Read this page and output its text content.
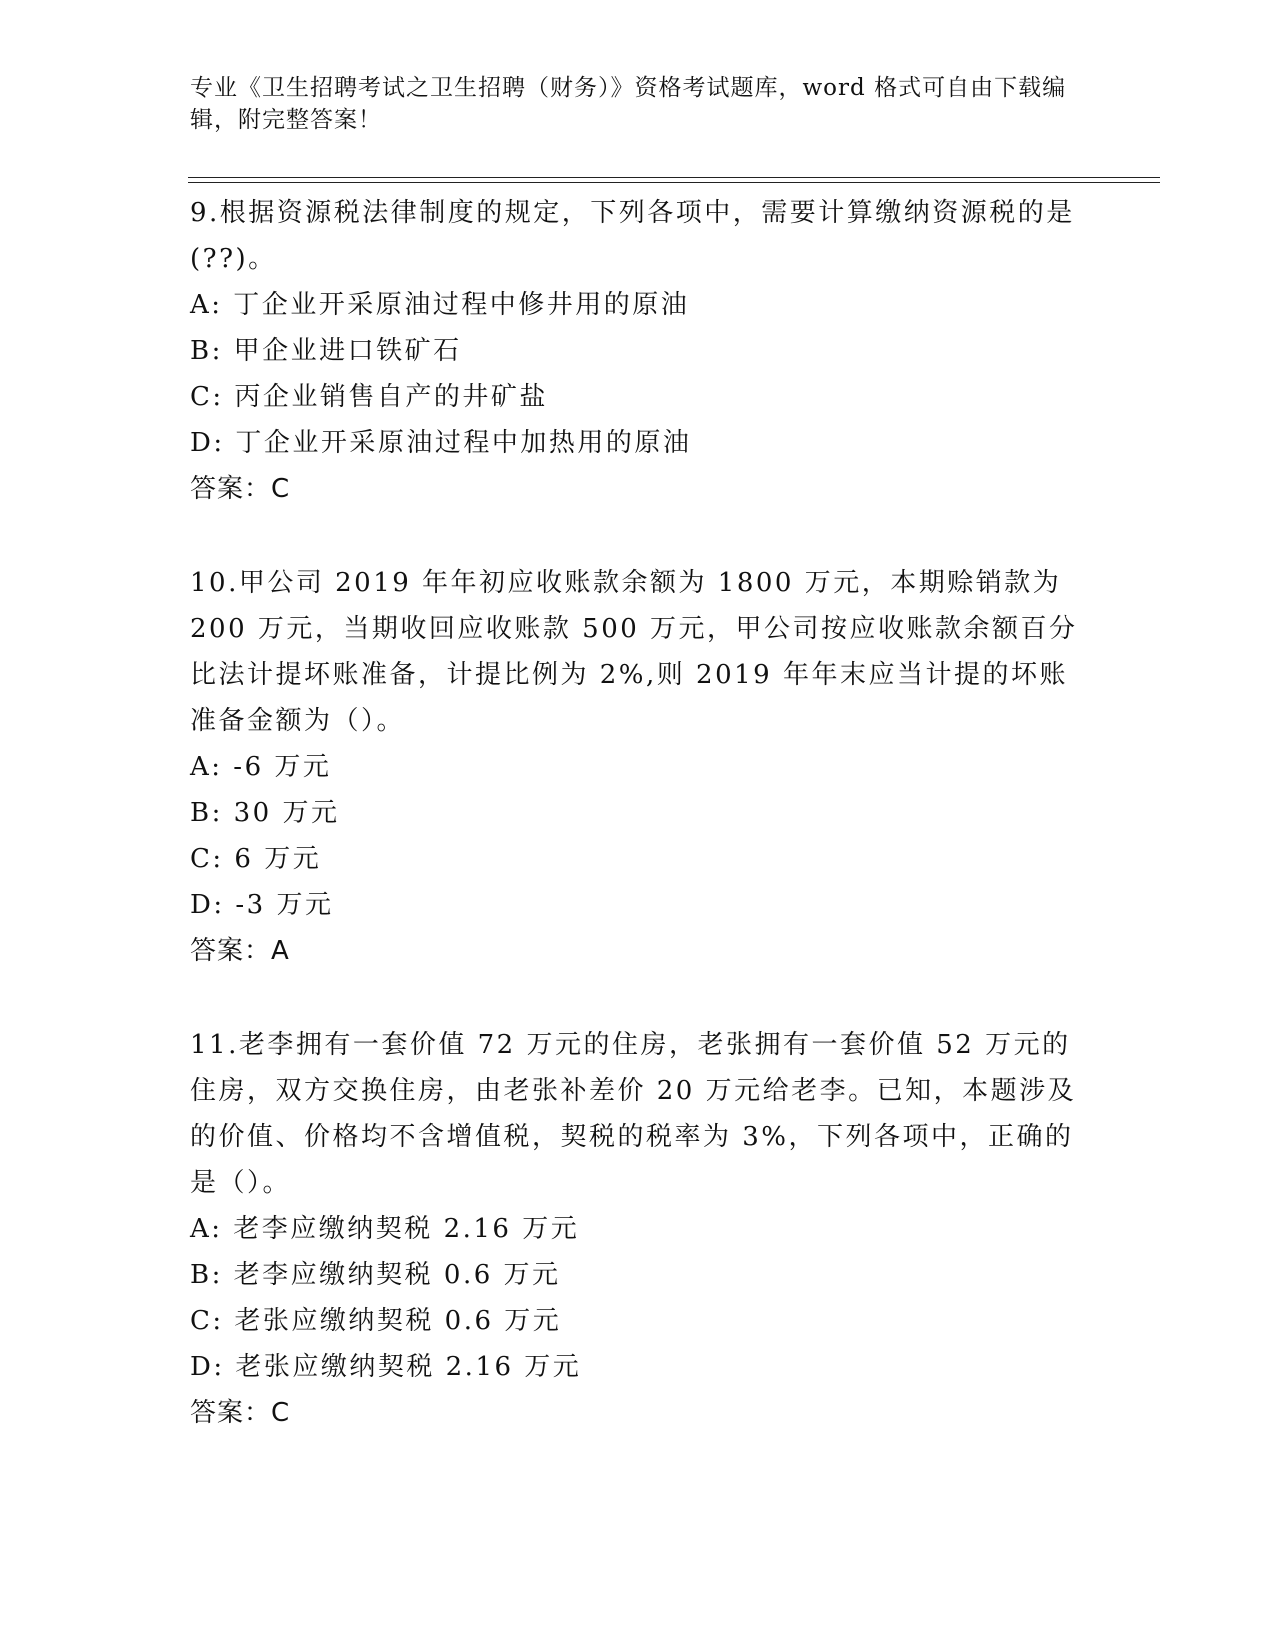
专业《卫生招聘考试之卫生招聘（财务）》资格考试题库，word 格式可自由下载编辑，附完整答案！

9.根据资源税法律制度的规定，下列各项中，需要计算缴纳资源税的是(??)。

A: 丁企业开采原油过程中修井用的原油

B: 甲企业进口铁矿石

C: 丙企业销售自产的井矿盐

D: 丁企业开采原油过程中加热用的原油

答案：C

10.甲公司 2019 年年初应收账款余额为 1800 万元，本期赊销款为 200 万元，当期收回应收账款 500 万元，甲公司按应收账款余额百分比法计提坏账准备，计提比例为 2%,则 2019 年年末应当计提的坏账准备金额为（）。

A: -6 万元

B: 30 万元

C: 6 万元

D: -3 万元

答案：A

11.老李拥有一套价值 72 万元的住房，老张拥有一套价值 52 万元的住房，双方交换住房，由老张补差价 20 万元给老李。已知，本题涉及的价值、价格均不含增值税，契税的税率为 3%，下列各项中，正确的是（）。

A: 老李应缴纳契税 2.16 万元

B: 老李应缴纳契税 0.6 万元

C: 老张应缴纳契税 0.6 万元

D: 老张应缴纳契税 2.16 万元

答案：C
